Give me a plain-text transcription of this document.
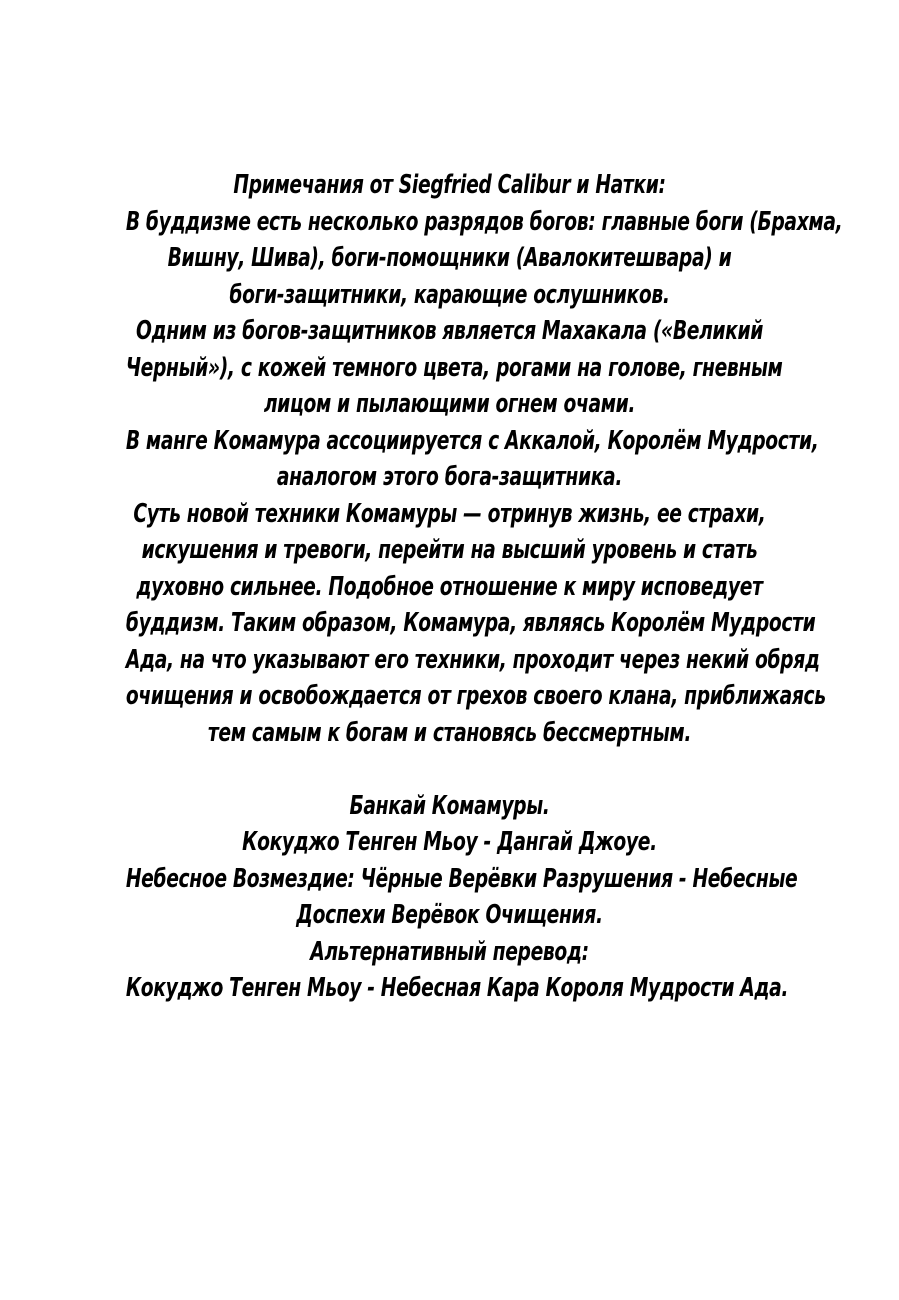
Примечания от Siegfried Calibur и Натки:
В буддизме есть несколько разрядов богов: главные боги (Брахма,
Вишну, Шива), боги-помощники (Авалокитешвара) и
боги-защитники, карающие ослушников.
Одним из богов-защитников является Махакала («Великий
Черный»), с кожей темного цвета, рогами на голове, гневным
лицом и пылающими огнем очами.
В манге Комамура ассоциируется с Аккалой, Королём Мудрости,
аналогом этого бога-защитника.
Суть новой техники Комамуры — отринув жизнь, ее страхи,
искушения и тревоги, перейти на высший уровень и стать
духовно сильнее. Подобное отношение к миру исповедует
буддизм. Таким образом, Комамура, являясь Королём Мудрости
Ада, на что указывают его техники, проходит через некий обряд
очищения и освобождается от грехов своего клана, приближаясь
тем самым к богам и становясь бессмертным.
Банкай Комамуры.
Кокуджо Тенген Мьоу - Дангай Джоуе.
Небесное Возмездие: Чёрные Верёвки Разрушения - Небесные
Доспехи Верёвок Очищения.
Альтернативный перевод:
Кокуджо Тенген Мьоу - Небесная Кара Короля Мудрости Ада.
